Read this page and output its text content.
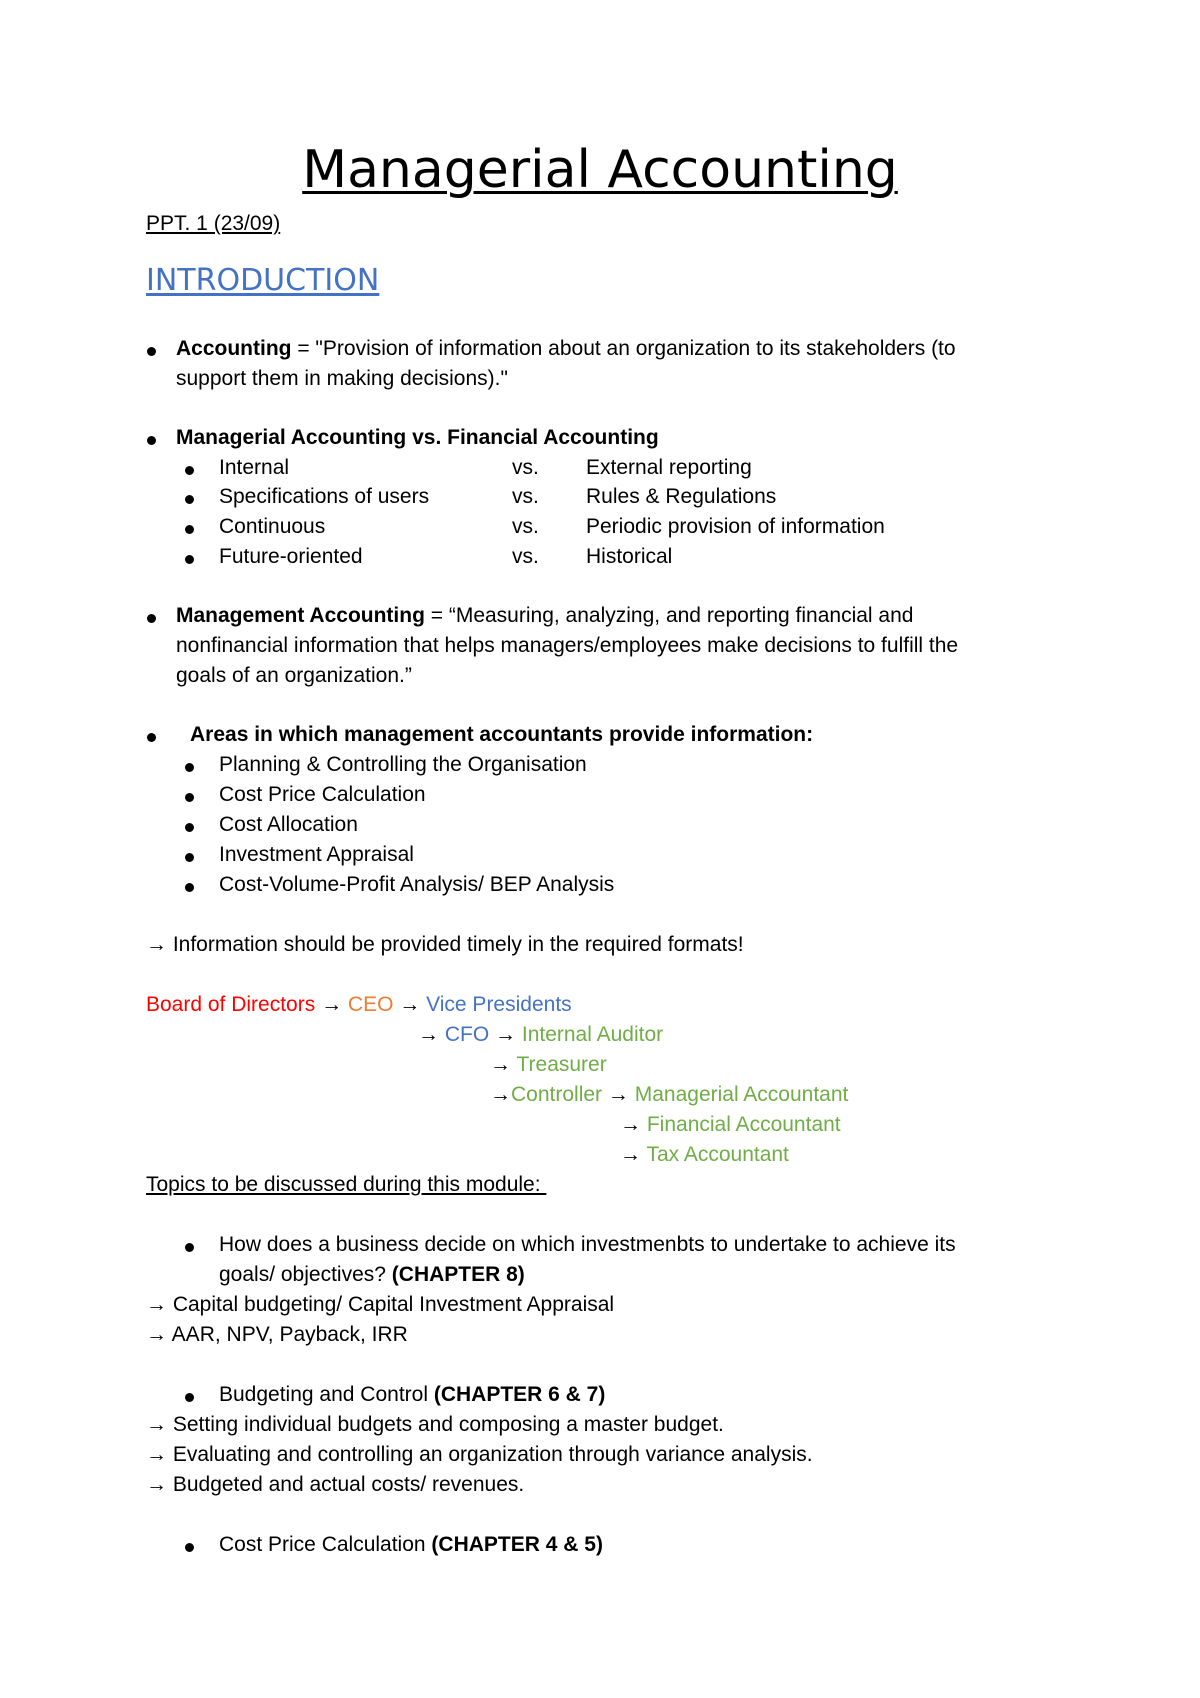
Managerial Accounting
PPT. 1 (23/09)
INTRODUCTION
Accounting = "Provision of information about an organization to its stakeholders (to
support them in making decisions)."
Managerial Accounting vs. Financial Accounting
Internal	vs. External reporting
Specifications of users	vs. Rules & Regulations
Continuous	vs. Periodic provision of information
Future-oriented	vs. Historical
Management Accounting = “Measuring, analyzing, and reporting financial and
nonfinancial information that helps managers/employees make decisions to fulfill the
goals of an organization.”
Areas in which management accountants provide information:
Planning & Controlling the Organisation
Cost Price Calculation
Cost Allocation
Investment Appraisal
Cost-Volume-Profit Analysis/ BEP Analysis
→ Information should be provided timely in the required formats!
Board of Directors → CEO → Vice Presidents
→ CFO → Internal Auditor
→ Treasurer
→Controller → Managerial Accountant
→ Financial Accountant
→ Tax Accountant
Topics to be discussed during this module:
How does a business decide on which investmenbts to undertake to achieve its
goals/ objectives? (CHAPTER 8)
→ Capital budgeting/ Capital Investment Appraisal
→ AAR, NPV, Payback, IRR
Budgeting and Control (CHAPTER 6 & 7)
→ Setting individual budgets and composing a master budget.
→ Evaluating and controlling an organization through variance analysis.
→ Budgeted and actual costs/ revenues.
Cost Price Calculation (CHAPTER 4 & 5)
